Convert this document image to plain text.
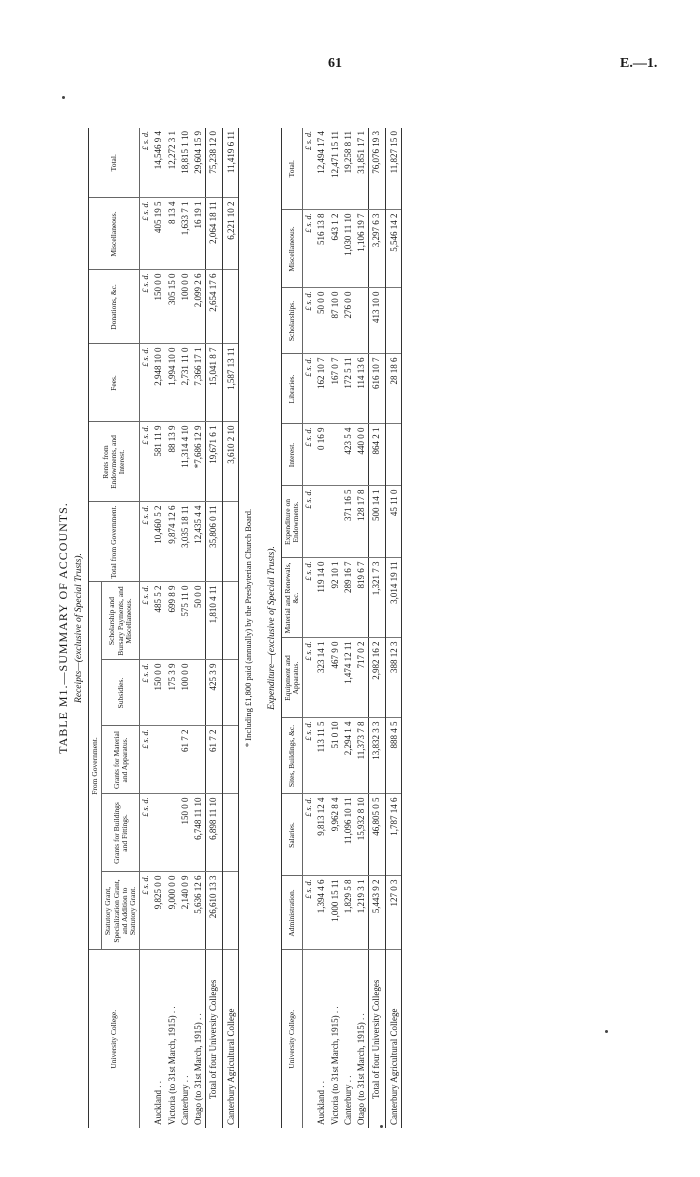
61	E.—1.
TABLE M1.—SUMMARY OF ACCOUNTS. Receipts—(exclusive of Special Trusts).
University College.	From Government.					Total from Government.	Rents from Endowments, and Interest.	Fees.	Donations, &c.	Miscellaneous.	Total.
	Statutory Grant, Specialization Grant, and Addition to Statutory Grant.	Grants for Buildings and Fittings.	Grants for Material and Apparatus.	Subsidies.	Scholarship and Bursary Payments, and Miscellaneous.						
	£ s. d.	£ s. d.	£ s. d.	£ s. d.	£ s. d.	£ s. d.	£ s. d.	£ s. d.	£ s. d.	£ s. d.	£ s. d.
Auckland . .	9,825 0 0			150 0 0	485 5 2	10,460 5 2	581 11 9	2,948 10 0	150 0 0	405 19 5	14,546 9 4
Victoria (to 31st March, 1915) . .	9,000 0 0			175 3 9	699 8 9	9,874 12 6	88 13 9	1,994 10 0	305 15 0	8 13 4	12,272 3 1
Canterbury . .	2,140 0 9	150 0 0	61 7 2	100 0 0	575 11 0	3,035 18 11	11,314 4 10	2,731 11 0	100 0 0	1,633 7 1	18,815 1 10
Otago (to 31st March, 1915) . .	5,636 12 6	6,748 11 10			50 0 0	12,435 4 4	*7,686 12 9	7,366 17 1	2,099 2 6	16 19 1	29,604 15 9
Total of four University Colleges	26,610 13 3	6,898 11 10	61 7 2	425 3 9	1,810 4 11	35,806 0 11	19,671 6 1	15,041 8 7	2,654 17 6	2,064 18 11	75,238 12 0
Canterbury Agricultural College							3,610 2 10	1,587 13 11		6,221 10 2	11,419 6 11
* Including £1,800 paid (annually) by the Presbyterian Church Board. Expenditure—(exclusive of Special Trusts).
University College.	Administration.	Salaries.	Sites, Buildings, &c.	Equipment and Apparatus.	Material and Renewals, &c.	Expenditure on Endowments.	Interest.	Libraries.	Scholarships.	Miscellaneous.	Total.
	£ s. d.	£ s. d.	£ s. d.	£ s. d.	£ s. d.	£ s. d.	£ s. d.	£ s. d.	£ s. d.	£ s. d.	£ s. d.
Auckland . .	1,394 4 6	9,813 12 4	113 11 5	323 14 1	119 14 0		0 16 9	162 10 7	50 0 0	516 13 8	12,494 17 4
Victoria (to 31st March, 1915) . .	1,000 15 11	9,962 8 4	51 0 10	467 9 0	92 10 1			167 0 7	87 10 0	643 1 2	12,471 15 11
Canterbury . .	1,829 5 8	11,096 10 11	2,294 1 4	1,474 12 11	289 16 7	371 16 5	423 5 4	172 5 11	276 0 0	1,030 11 10	19,258 8 11
Otago (to 31st March, 1915) . .	1,219 3 1	15,932 8 10	11,373 7 8	717 0 2	819 6 7	128 17 8	440 0 0	114 13 6		1,106 19 7	31,851 17 1
Total of four University Colleges	5,443 9 2	46,805 0 5	13,832 3 3	2,982 16 2	1,321 7 3	500 14 1	864 2 1	616 10 7	413 10 0	3,297 6 3	76,076 19 3
Canterbury Agricultural College	127 0 3	1,787 14 6	888 4 5	388 12 3	3,014 19 11	45 11 0		28 18 6		5,546 14 2	11,827 15 0
